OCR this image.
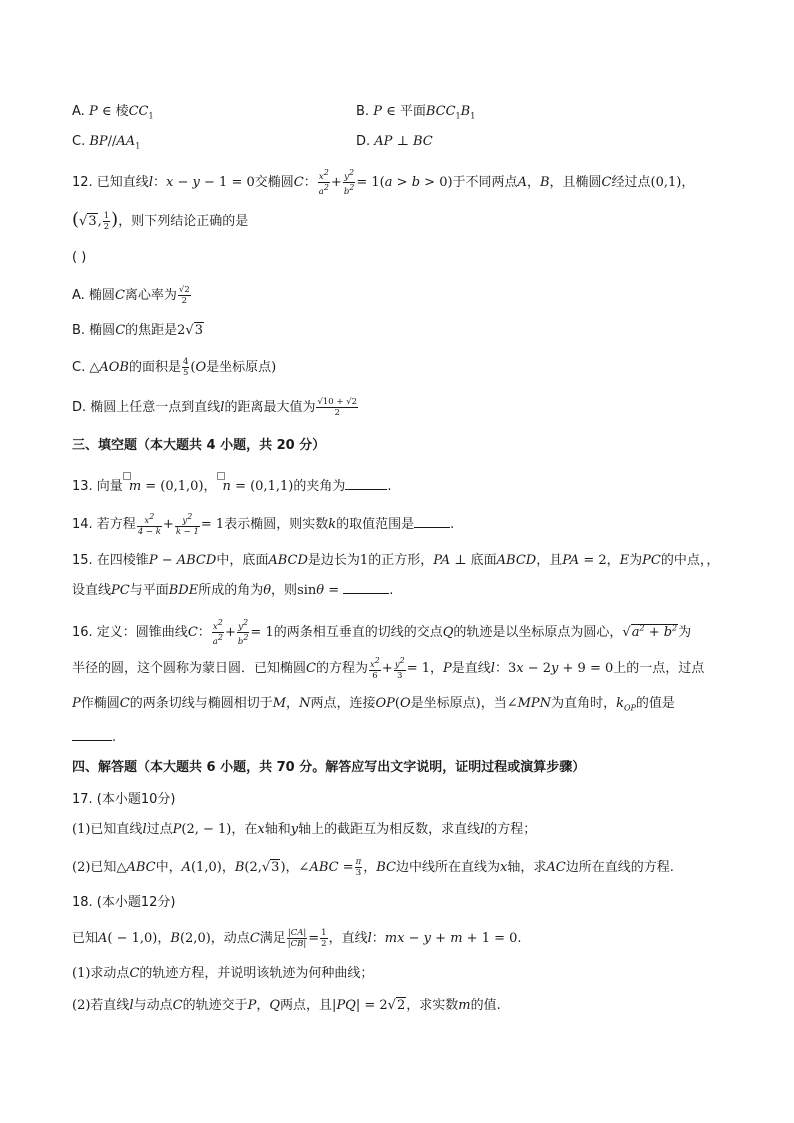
A. P ∈ 棱$CC_1$	B. P ∈ 平面$BCC_1B_1$
C. $BP//AA_1$	D. AP ⊥ BC
12. 已知直线l：x − y − 1 = 0交椭圆C： $\frac{x^2}{a^2} + \frac{y^2}{b^2} = 1(a > b > 0)$于不同两点A，B，且椭圆C经过点(0,1)，
(√3, $\frac{1}{2}$ )，则下列结论正确的是
( )
A. 椭圆C离心率为 $\frac{√2}{2}$
B. 椭圆C的焦距是2√3
C. △AOB的面积是 $\frac{4}{5} (O$是坐标原点)
D. 椭圆上任意一点到直线l的距离最大值为 $\frac{√10 + √2}{2}$
三、填空题（本大题共 4 小题，共 20 分）
13. 向量 m = (0,1,0)， n = (0,1,1)的夹角为	.
14. 若方程 $\frac{x^2}{4 - k} + \frac{y^2}{k - 1} = 1$表示椭圆，则实数k的取值范围是	.
15. 在四棱锥P − ABCD中，底面ABCD是边长为1的正方形，PA ⊥ 底面ABCD，且PA = 2，E为PC的中点，，
设直线PC与平面BDE所成的角为θ，则sinθ =	.
16. 定义：圆锥曲线C： $\frac{x^2}{a^2} + \frac{y^2}{b^2} = 1$的两条相互垂直的切线的交点Q的轨迹是以坐标原点为圆心，$√a^2 + b^2$为
半径的圆，这个圆称为蒙日圆．已知椭圆C的方程为 $\frac{x^2}{6} + \frac{y^2}{3} = 1$，P是直线l：3x − 2y + 9 = 0上的一点，过点
P作椭圆C的两条切线与椭圆相切于M，N两点，连接OP(O是坐标原点)，当∠MPN为直角时，$k_{OP}$的值是
.
四、解答题（本大题共 6 小题，共 70 分。解答应写出文字说明，证明过程或演算步骤）
17. (本小题10分)
(1)已知直线l过点P(2, − 1)，在x轴和y轴上的截距互为相反数，求直线l的方程；
(2)已知△ABC中，A(1,0)，B(2,√3)，∠ABC = $\frac{\pi}{3}$ ，BC边中线所在直线为x轴，求AC边所在直线的方程.
18. (本小题12分)
已知A( − 1,0)，B(2,0)，动点C满足 $\frac{|CA|}{|CB|} = \frac{1}{2}$ ，直线l：mx − y + m + 1 = 0.
(1)求动点C的轨迹方程，并说明该轨迹为何种曲线；
(2)若直线l与动点C的轨迹交于P，Q两点，且|PQ| = 2√2，求实数m的值.
